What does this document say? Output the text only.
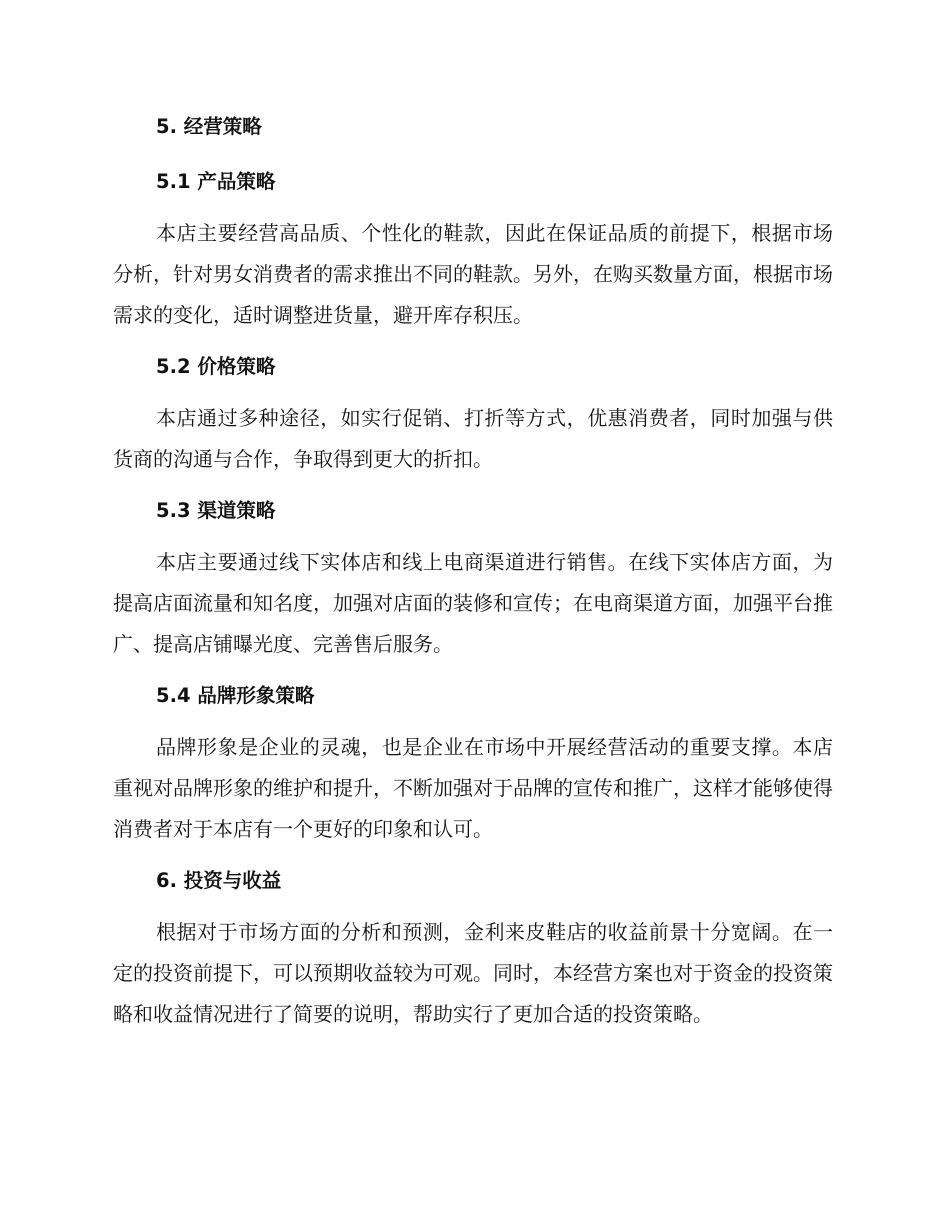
5. 经营策略
5.1 产品策略

本店主要经营高品质、个性化的鞋款，因此在保证品质的前提下，根据市场分析，针对男女消费者的需求推出不同的鞋款。另外，在购买数量方面，根据市场需求的变化，适时调整进货量，避开库存积压。

5.2 价格策略

本店通过多种途径，如实行促销、打折等方式，优惠消费者，同时加强与供货商的沟通与合作，争取得到更大的折扣。

5.3 渠道策略

本店主要通过线下实体店和线上电商渠道进行销售。在线下实体店方面，为提高店面流量和知名度，加强对店面的装修和宣传；在电商渠道方面，加强平台推广、提高店铺曝光度、完善售后服务。

5.4 品牌形象策略

品牌形象是企业的灵魂，也是企业在市场中开展经营活动的重要支撑。本店重视对品牌形象的维护和提升，不断加强对于品牌的宣传和推广，这样才能够使得消费者对于本店有一个更好的印象和认可。

6. 投资与收益

根据对于市场方面的分析和预测，金利来皮鞋店的收益前景十分宽阔。在一定的投资前提下，可以预期收益较为可观。同时，本经营方案也对于资金的投资策略和收益情况进行了简要的说明，帮助实行了更加合适的投资策略。
